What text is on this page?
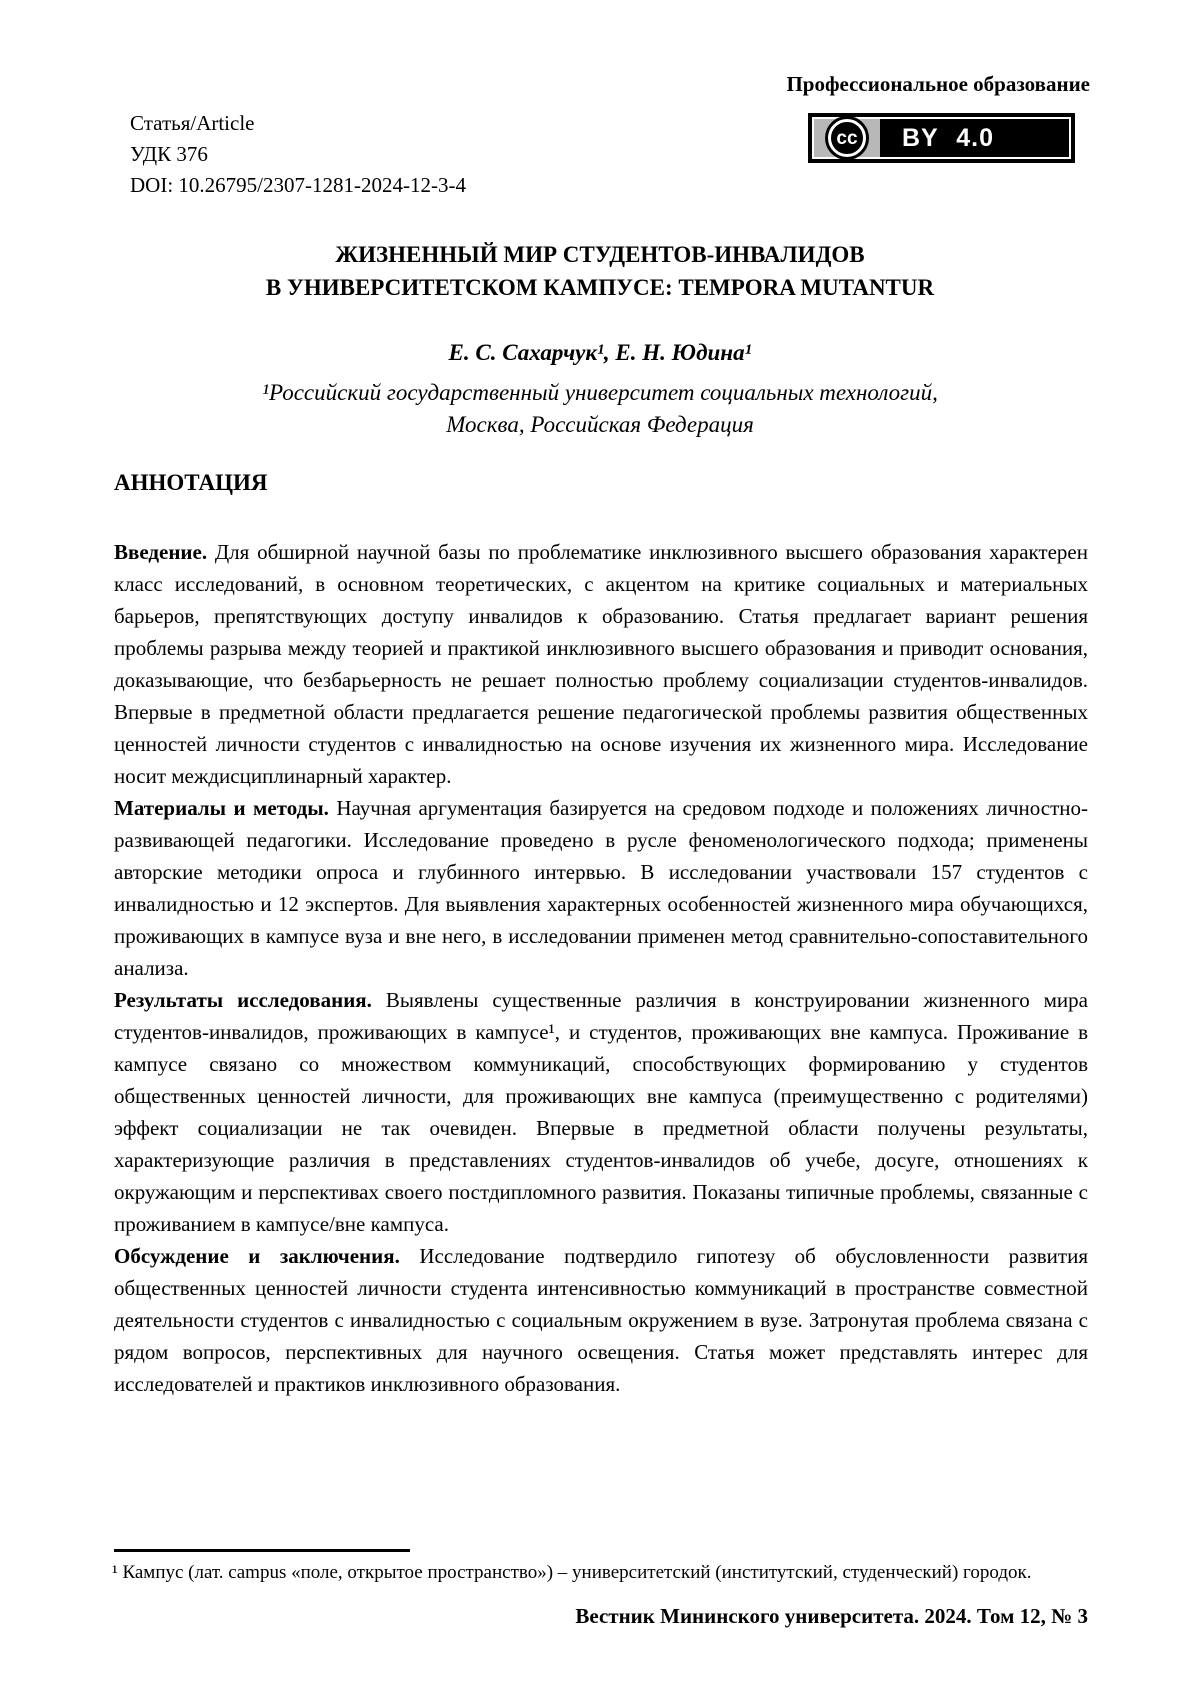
Профессиональное образование
Статья/Article
УДК 376
DOI: 10.26795/2307-1281-2024-12-3-4
cc	BY 4.0
ЖИЗНЕННЫЙ МИР СТУДЕНТОВ-ИНВАЛИДОВ
В УНИВЕРСИТЕТСКОМ КАМПУСЕ: TEMPORA MUTANTUR
Е. С. Сахарчук¹, Е. Н. Юдина¹
¹Российский государственный университет социальных технологий,
Москва, Российская Федерация
АННОТАЦИЯ

Введение. Для обширной научной базы по проблематике инклюзивного высшего образования характерен класс исследований, в основном теоретических, с акцентом на критике социальных и материальных барьеров, препятствующих доступу инвалидов к образованию. Статья предлагает вариант решения проблемы разрыва между теорией и практикой инклюзивного высшего образования и приводит основания, доказывающие, что безбарьерность не решает полностью проблему социализации студентов-инвалидов. Впервые в предметной области предлагается решение педагогической проблемы развития общественных ценностей личности студентов с инвалидностью на основе изучения их жизненного мира. Исследование носит междисциплинарный характер.

Материалы и методы. Научная аргументация базируется на средовом подходе и положениях личностно-развивающей педагогики. Исследование проведено в русле феноменологического подхода; применены авторские методики опроса и глубинного интервью. В исследовании участвовали 157 студентов с инвалидностью и 12 экспертов. Для выявления характерных особенностей жизненного мира обучающихся, проживающих в кампусе вуза и вне него, в исследовании применен метод сравнительно-сопоставительного анализа.

Результаты исследования. Выявлены существенные различия в конструировании жизненного мира студентов-инвалидов, проживающих в кампусе¹, и студентов, проживающих вне кампуса. Проживание в кампусе связано со множеством коммуникаций, способствующих формированию у студентов общественных ценностей личности, для проживающих вне кампуса (преимущественно с родителями) эффект социализации не так очевиден. Впервые в предметной области получены результаты, характеризующие различия в представлениях студентов-инвалидов об учебе, досуге, отношениях к окружающим и перспективах своего постдипломного развития. Показаны типичные проблемы, связанные с проживанием в кампусе/вне кампуса.

Обсуждение и заключения. Исследование подтвердило гипотезу об обусловленности развития общественных ценностей личности студента интенсивностью коммуникаций в пространстве совместной деятельности студентов с инвалидностью с социальным окружением в вузе. Затронутая проблема связана с рядом вопросов, перспективных для научного освещения. Статья может представлять интерес для исследователей и практиков инклюзивного образования.

¹ Кампус (лат. campus «поле, открытое пространство») – университетский (институтский, студенческий) городок.
Вестник Мининского университета. 2024. Том 12, № 3
